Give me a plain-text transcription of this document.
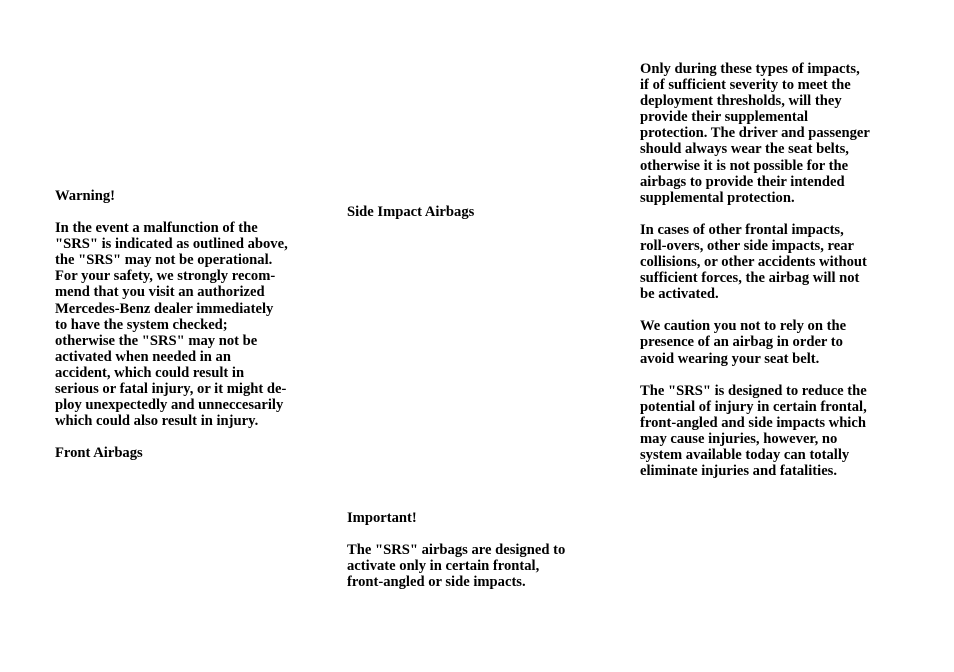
Warning!

In the event a malfunction of the
"SRS" is indicated as outlined above,
the "SRS" may not be operational.
For your safety, we strongly recom-
mend that you visit an authorized
Mercedes-Benz dealer immediately
to have the system checked;
otherwise the "SRS" may not be
activated when needed in an
accident, which could result in
serious or fatal injury, or it might de-
ploy unexpectedly and unneccesarily
which could also result in injury.

Front Airbags

Side Impact Airbags

Important!

The "SRS" airbags are designed to
activate only in certain frontal,
front-angled or side impacts.

Only during these types of impacts,
if of sufficient severity to meet the
deployment thresholds, will they
provide their supplemental
protection. The driver and passenger
should always wear the seat belts,
otherwise it is not possible for the
airbags to provide their intended
supplemental protection.

In cases of other frontal impacts,
roll-overs, other side impacts, rear
collisions, or other accidents without
sufficient forces, the airbag will not
be activated.

We caution you not to rely on the
presence of an airbag in order to
avoid wearing your seat belt.

The "SRS" is designed to reduce the
potential of injury in certain frontal,
front-angled and side impacts which
may cause injuries, however, no
system available today can totally
eliminate injuries and fatalities.
